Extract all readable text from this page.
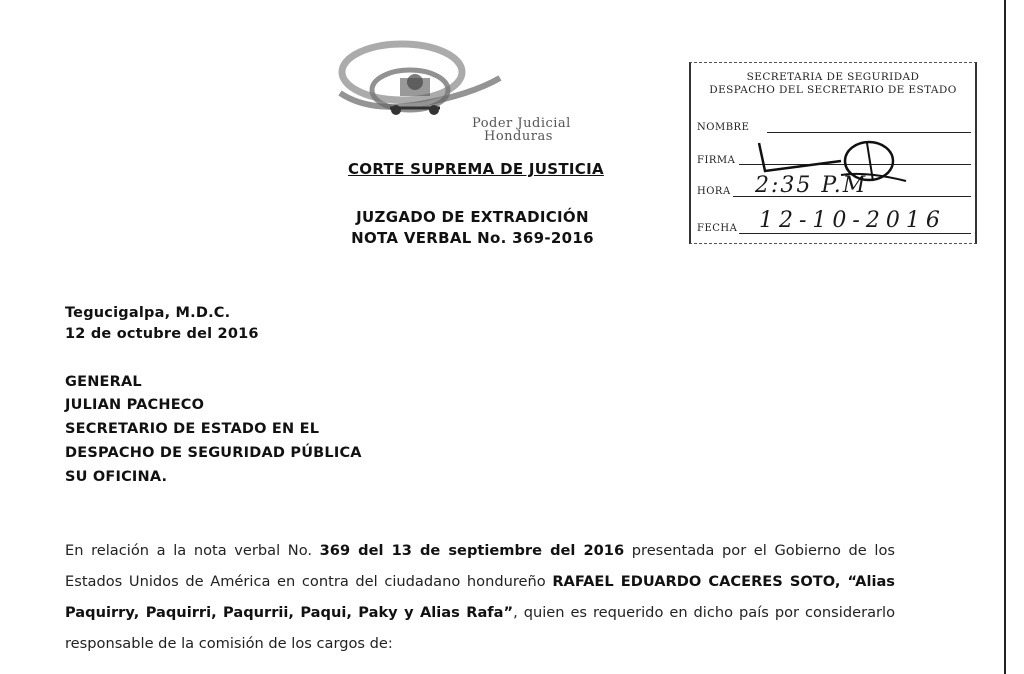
Poder Judicial
Honduras
CORTE SUPREMA DE JUSTICIA
JUZGADO DE EXTRADICIÓN
NOTA VERBAL No. 369-2016
SECRETARIA DE SEGURIDAD
DESPACHO DEL SECRETARIO DE ESTADO
NOMBRE
FIRMA
HORA 2:35 P.M
FECHA 12-10-2016
Tegucigalpa, M.D.C.
12 de octubre del 2016
GENERAL
JULIAN PACHECO
SECRETARIO DE ESTADO EN EL
DESPACHO DE SEGURIDAD PÚBLICA
SU OFICINA.
En relación a la nota verbal No. 369 del 13 de septiembre del 2016 presentada por el Gobierno de los Estados Unidos de América en contra del ciudadano hondureño RAFAEL EDUARDO CACERES SOTO, “Alias Paquirry, Paquirri, Paqurrii, Paqui, Paky y Alias Rafa”, quien es requerido en dicho país por considerarlo responsable de la comisión de los cargos de:
